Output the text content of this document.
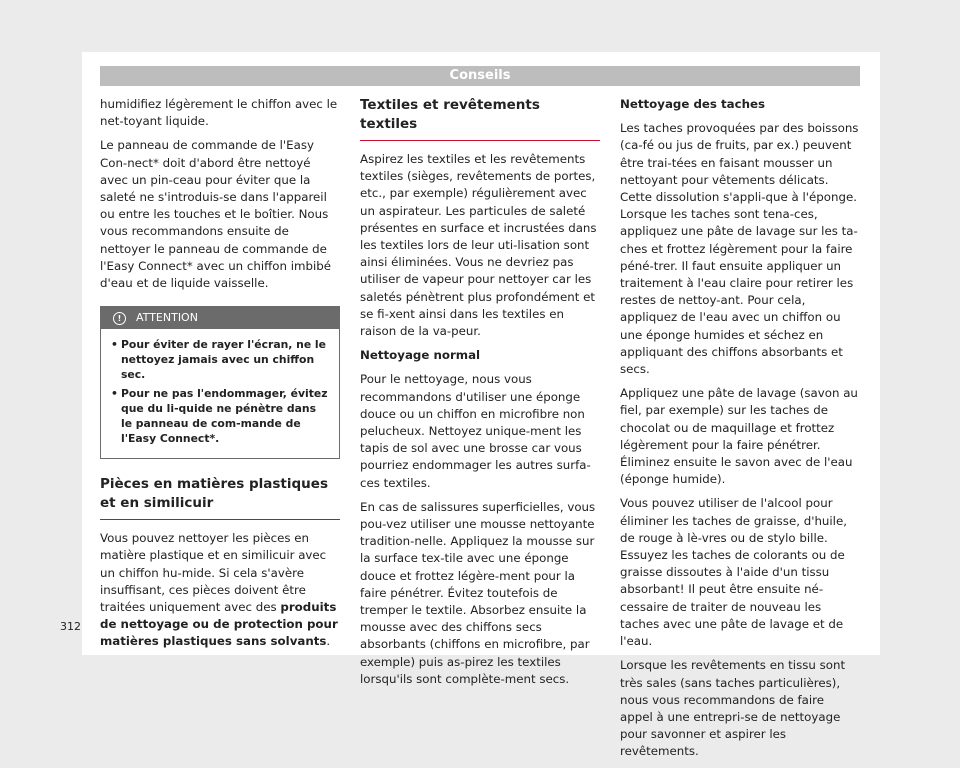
Conseils

humidifiez légèrement le chiffon avec le net-toyant liquide.

Le panneau de commande de l'Easy Con-nect* doit d'abord être nettoyé avec un pin-ceau pour éviter que la saleté ne s'introduis-se dans l'appareil ou entre les touches et le boîtier. Nous vous recommandons ensuite de nettoyer le panneau de commande de l'Easy Connect* avec un chiffon imbibé d'eau et de liquide vaisselle.

!	ATTENTION
• Pour éviter de rayer l'écran, ne le nettoyez jamais avec un chiffon sec.
• Pour ne pas l'endommager, évitez que du li-quide ne pénètre dans le panneau de com-mande de l'Easy Connect*.
Pièces en matières plastiques et en similicuir

Vous pouvez nettoyer les pièces en matière plastique et en similicuir avec un chiffon hu-mide. Si cela s'avère insuffisant, ces pièces doivent être traitées uniquement avec des produits de nettoyage ou de protection pour matières plastiques sans solvants.

Textiles et revêtements textiles

Aspirez les textiles et les revêtements textiles (sièges, revêtements de portes, etc., par exemple) régulièrement avec un aspirateur. Les particules de saleté présentes en surface et incrustées dans les textiles lors de leur uti-lisation sont ainsi éliminées. Vous ne devriez pas utiliser de vapeur pour nettoyer car les saletés pénètrent plus profondément et se fi-xent ainsi dans les textiles en raison de la va-peur.

Nettoyage normal

Pour le nettoyage, nous vous recommandons d'utiliser une éponge douce ou un chiffon en microfibre non pelucheux. Nettoyez unique-ment les tapis de sol avec une brosse car vous pourriez endommager les autres surfa-ces textiles.

En cas de salissures superficielles, vous pou-vez utiliser une mousse nettoyante tradition-nelle. Appliquez la mousse sur la surface tex-tile avec une éponge douce et frottez légère-ment pour la faire pénétrer. Évitez toutefois de tremper le textile. Absorbez ensuite la mousse avec des chiffons secs absorbants (chiffons en microfibre, par exemple) puis as-pirez les textiles lorsqu'ils sont complète-ment secs.

Nettoyage des taches

Les taches provoquées par des boissons (ca-fé ou jus de fruits, par ex.) peuvent être trai-tées en faisant mousser un nettoyant pour vêtements délicats. Cette dissolution s'appli-que à l'éponge. Lorsque les taches sont tena-ces, appliquez une pâte de lavage sur les ta-ches et frottez légèrement pour la faire péné-trer. Il faut ensuite appliquer un traitement à l'eau claire pour retirer les restes de nettoy-ant. Pour cela, appliquez de l'eau avec un chiffon ou une éponge humides et séchez en appliquant des chiffons absorbants et secs.

Appliquez une pâte de lavage (savon au fiel, par exemple) sur les taches de chocolat ou de maquillage et frottez légèrement pour la faire pénétrer. Éliminez ensuite le savon avec de l'eau (éponge humide).

Vous pouvez utiliser de l'alcool pour éliminer les taches de graisse, d'huile, de rouge à lè-vres ou de stylo bille. Essuyez les taches de colorants ou de graisse dissoutes à l'aide d'un tissu absorbant! Il peut être ensuite né-cessaire de traiter de nouveau les taches avec une pâte de lavage et de l'eau.

Lorsque les revêtements en tissu sont très sales (sans taches particulières), nous vous recommandons de faire appel à une entrepri-se de nettoyage pour savonner et aspirer les revêtements.

312
